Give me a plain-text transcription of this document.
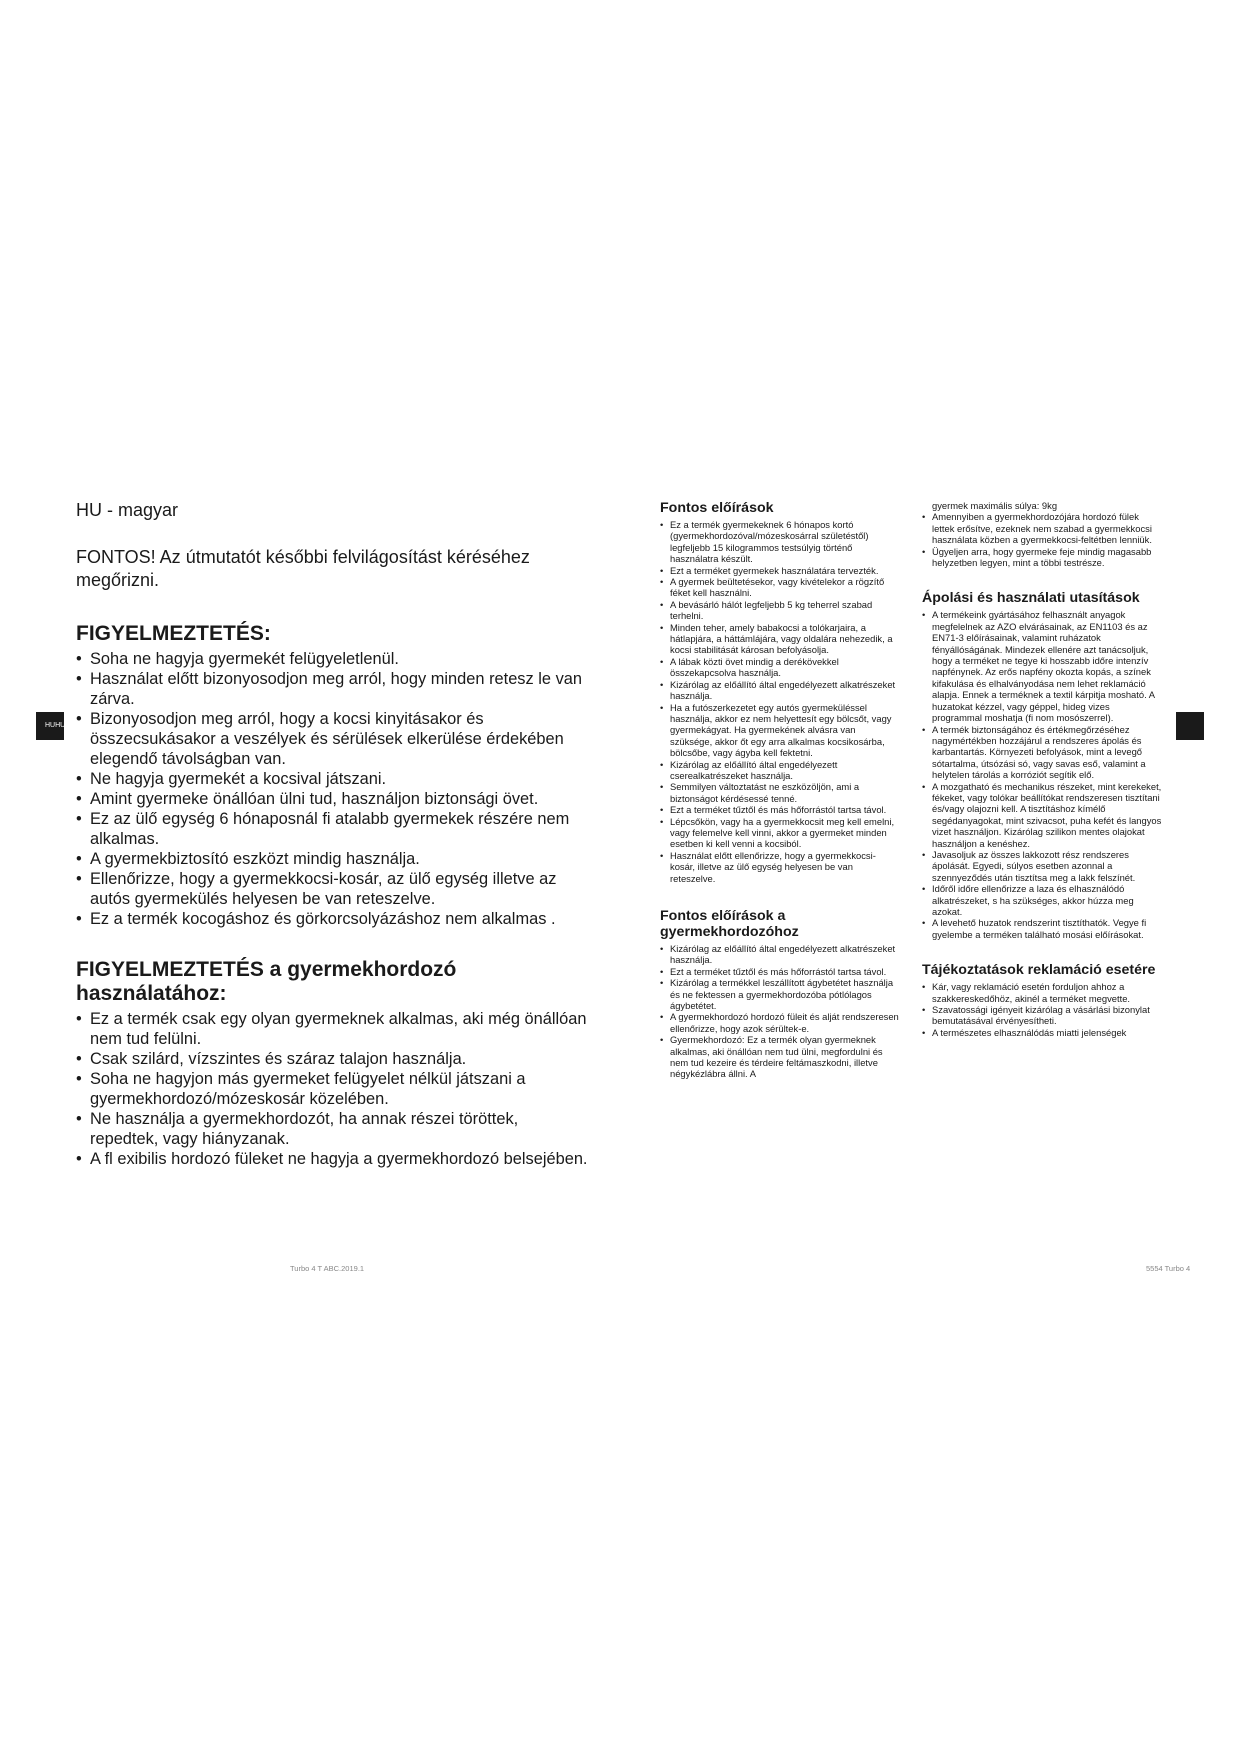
HU - magyar
FONTOS! Az útmutatót későbbi felvilágosítást kéréséhez megőrizni.
HUHU
FIGYELMEZTETÉS:
• Soha ne hagyja gyermekét felügyeletlenül.
• Használat előtt bizonyosodjon meg arról, hogy minden retesz le van zárva.
• Bizonyosodjon meg arról, hogy a kocsi kinyitásakor és összecsukásakor a veszélyek és sérülések elkerülése érdekében elegendő távolságban van.
• Ne hagyja gyermekét a kocsival játszani.
• Amint gyermeke önállóan ülni tud, használjon biztonsági övet.
• Ez az ülő egység 6 hónaposnál fi atalabb gyermekek részére nem alkalmas.
• A gyermekbiztosító eszközt mindig használja.
• Ellenőrizze, hogy a gyermekkocsi-kosár, az ülő egység illetve az autós gyermekülés helyesen be van reteszelve.
• Ez a termék kocogáshoz és görkorcsolyázáshoz nem alkalmas .
FIGYELMEZTETÉS a gyermekhordozó használatához:
• Ez a termék csak egy olyan gyermeknek alkalmas, aki még önállóan nem tud felülni.
• Csak szilárd, vízszintes és száraz talajon használja.
• Soha ne hagyjon más gyermeket felügyelet nélkül játszani a gyermekhordozó/mózeskosár közelében.
• Ne használja a gyermekhordozót, ha annak részei töröttek, repedtek, vagy hiányzanak.
• A fl exibilis hordozó füleket ne hagyja a gyermekhordozó belsejében.
Fontos előírások
• Ez a termék gyermekeknek 6 hónapos kortó (gyermekhordozóval/mózeskosárral születéstől) legfeljebb 15 kilogrammos testsúlyig történő használatra készült.
• Ezt a terméket gyermekek használatára tervezték.
• A gyermek beültetésekor, vagy kivételekor a rögzítő féket kell használni.
• A bevásárló hálót legfeljebb 5 kg teherrel szabad terhelni.
• Minden teher, amely babakocsi a tolókarjaira, a hátlapjára, a háttámlájára, vagy oldalára nehezedik, a kocsi stabilitását károsan befolyásolja.
• A lábak közti övet mindig a derékövekkel összekapcsolva használja.
• Kizárólag az előállító által engedélyezett alkatrészeket használja.
• Ha a futószerkezetet egy autós gyermeküléssel használja, akkor ez nem helyettesít egy bölcsőt, vagy gyermekágyat. Ha gyermekének alvásra van szüksége, akkor őt egy arra alkalmas kocsikosárba, bölcsőbe, vagy ágyba kell fektetni.
• Kizárólag az előállító által engedélyezett cserealkatrészeket használja.
• Semmilyen változtatást ne eszközöljön, ami a biztonságot kérdésessé tenné.
• Ezt a terméket tűztől és más hőforrástól tartsa távol.
• Lépcsőkön, vagy ha a gyermekkocsit meg kell emelni, vagy felemelve kell vinni, akkor a gyermeket minden esetben ki kell venni a kocsiból.
• Használat előtt ellenőrizze, hogy a gyermekkocsi-kosár, illetve az ülő egység helyesen be van reteszelve.
Fontos előírások a gyermekhordozóhoz
• Kizárólag az előállító által engedélyezett alkatrészeket használja.
• Ezt a terméket tűztől és más hőforrástól tartsa távol.
• Kizárólag a termékkel leszállított ágybetétet használja és ne fektessen a gyermekhordozóba pótlólagos ágybetétet.
• A gyermekhordozó hordozó füleit és alját rendszeresen ellenőrizze, hogy azok sérültek-e.
• Gyermekhordozó: Ez a termék olyan gyermeknek alkalmas, aki önállóan nem tud ülni, megfordulni és nem tud kezeire és térdeire feltámaszkodni, illetve négykézlábra állni. A
gyermek maximális súlya: 9kg
• Amennyiben a gyermekhordozójára hordozó fülek lettek erősítve, ezeknek nem szabad a gyermekkocsi használata közben a gyermekkocsi-feltétben lenniük.
• Ügyeljen arra, hogy gyermeke feje mindig magasabb helyzetben legyen, mint a többi testrésze.
Ápolási és használati utasítások
• A termékeink gyártásához felhasznált anyagok megfelelnek az AZO elvárásainak, az EN1103 és az EN71-3 előírásainak, valamint ruházatok fényállóságának. Mindezek ellenére azt tanácsoljuk, hogy a terméket ne tegye ki hosszabb időre intenzív napfénynek. Az erős napfény okozta kopás, a színek kifakulása és elhalványodása nem lehet reklamáció alapja. Ennek a terméknek a textil kárpitja mosható. A huzatokat kézzel, vagy géppel, hideg vizes programmal moshatja (fi nom mosószerrel).
• A termék biztonságához és értékmegőrzéséhez nagymértékben hozzájárul a rendszeres ápolás és karbantartás. Környezeti befolyások, mint a levegő sótartalma, útsózási só, vagy savas eső, valamint a helytelen tárolás a korróziót segítik elő.
• A mozgatható és mechanikus részeket, mint kerekeket, fékeket, vagy tolókar beállítókat rendszeresen tisztítani és/vagy olajozni kell. A tisztításhoz kímélő segédanyagokat, mint szivacsot, puha kefét és langyos vizet használjon. Kizárólag szilikon mentes olajokat használjon a kenéshez.
• Javasoljuk az összes lakkozott rész rendszeres ápolását. Egyedi, súlyos esetben azonnal a szennyeződés után tisztítsa meg a lakk felszínét.
• Időről időre ellenőrizze a laza és elhasználódó alkatrészeket, s ha szükséges, akkor húzza meg azokat.
• A levehető huzatok rendszerint tisztíthatók. Vegye fi gyelembe a terméken található mosási előírásokat.
Tájékoztatások reklamáció esetére
• Kár, vagy reklamáció esetén forduljon ahhoz a szakkereskedőhöz, akinél a terméket megvette.
• Szavatossági igényeit kizárólag a vásárlási bizonylat bemutatásával érvényesítheti.
• A természetes elhasználódás miatti jelenségek
Turbo 4 T ABC.2019.1	5554 Turbo 4
